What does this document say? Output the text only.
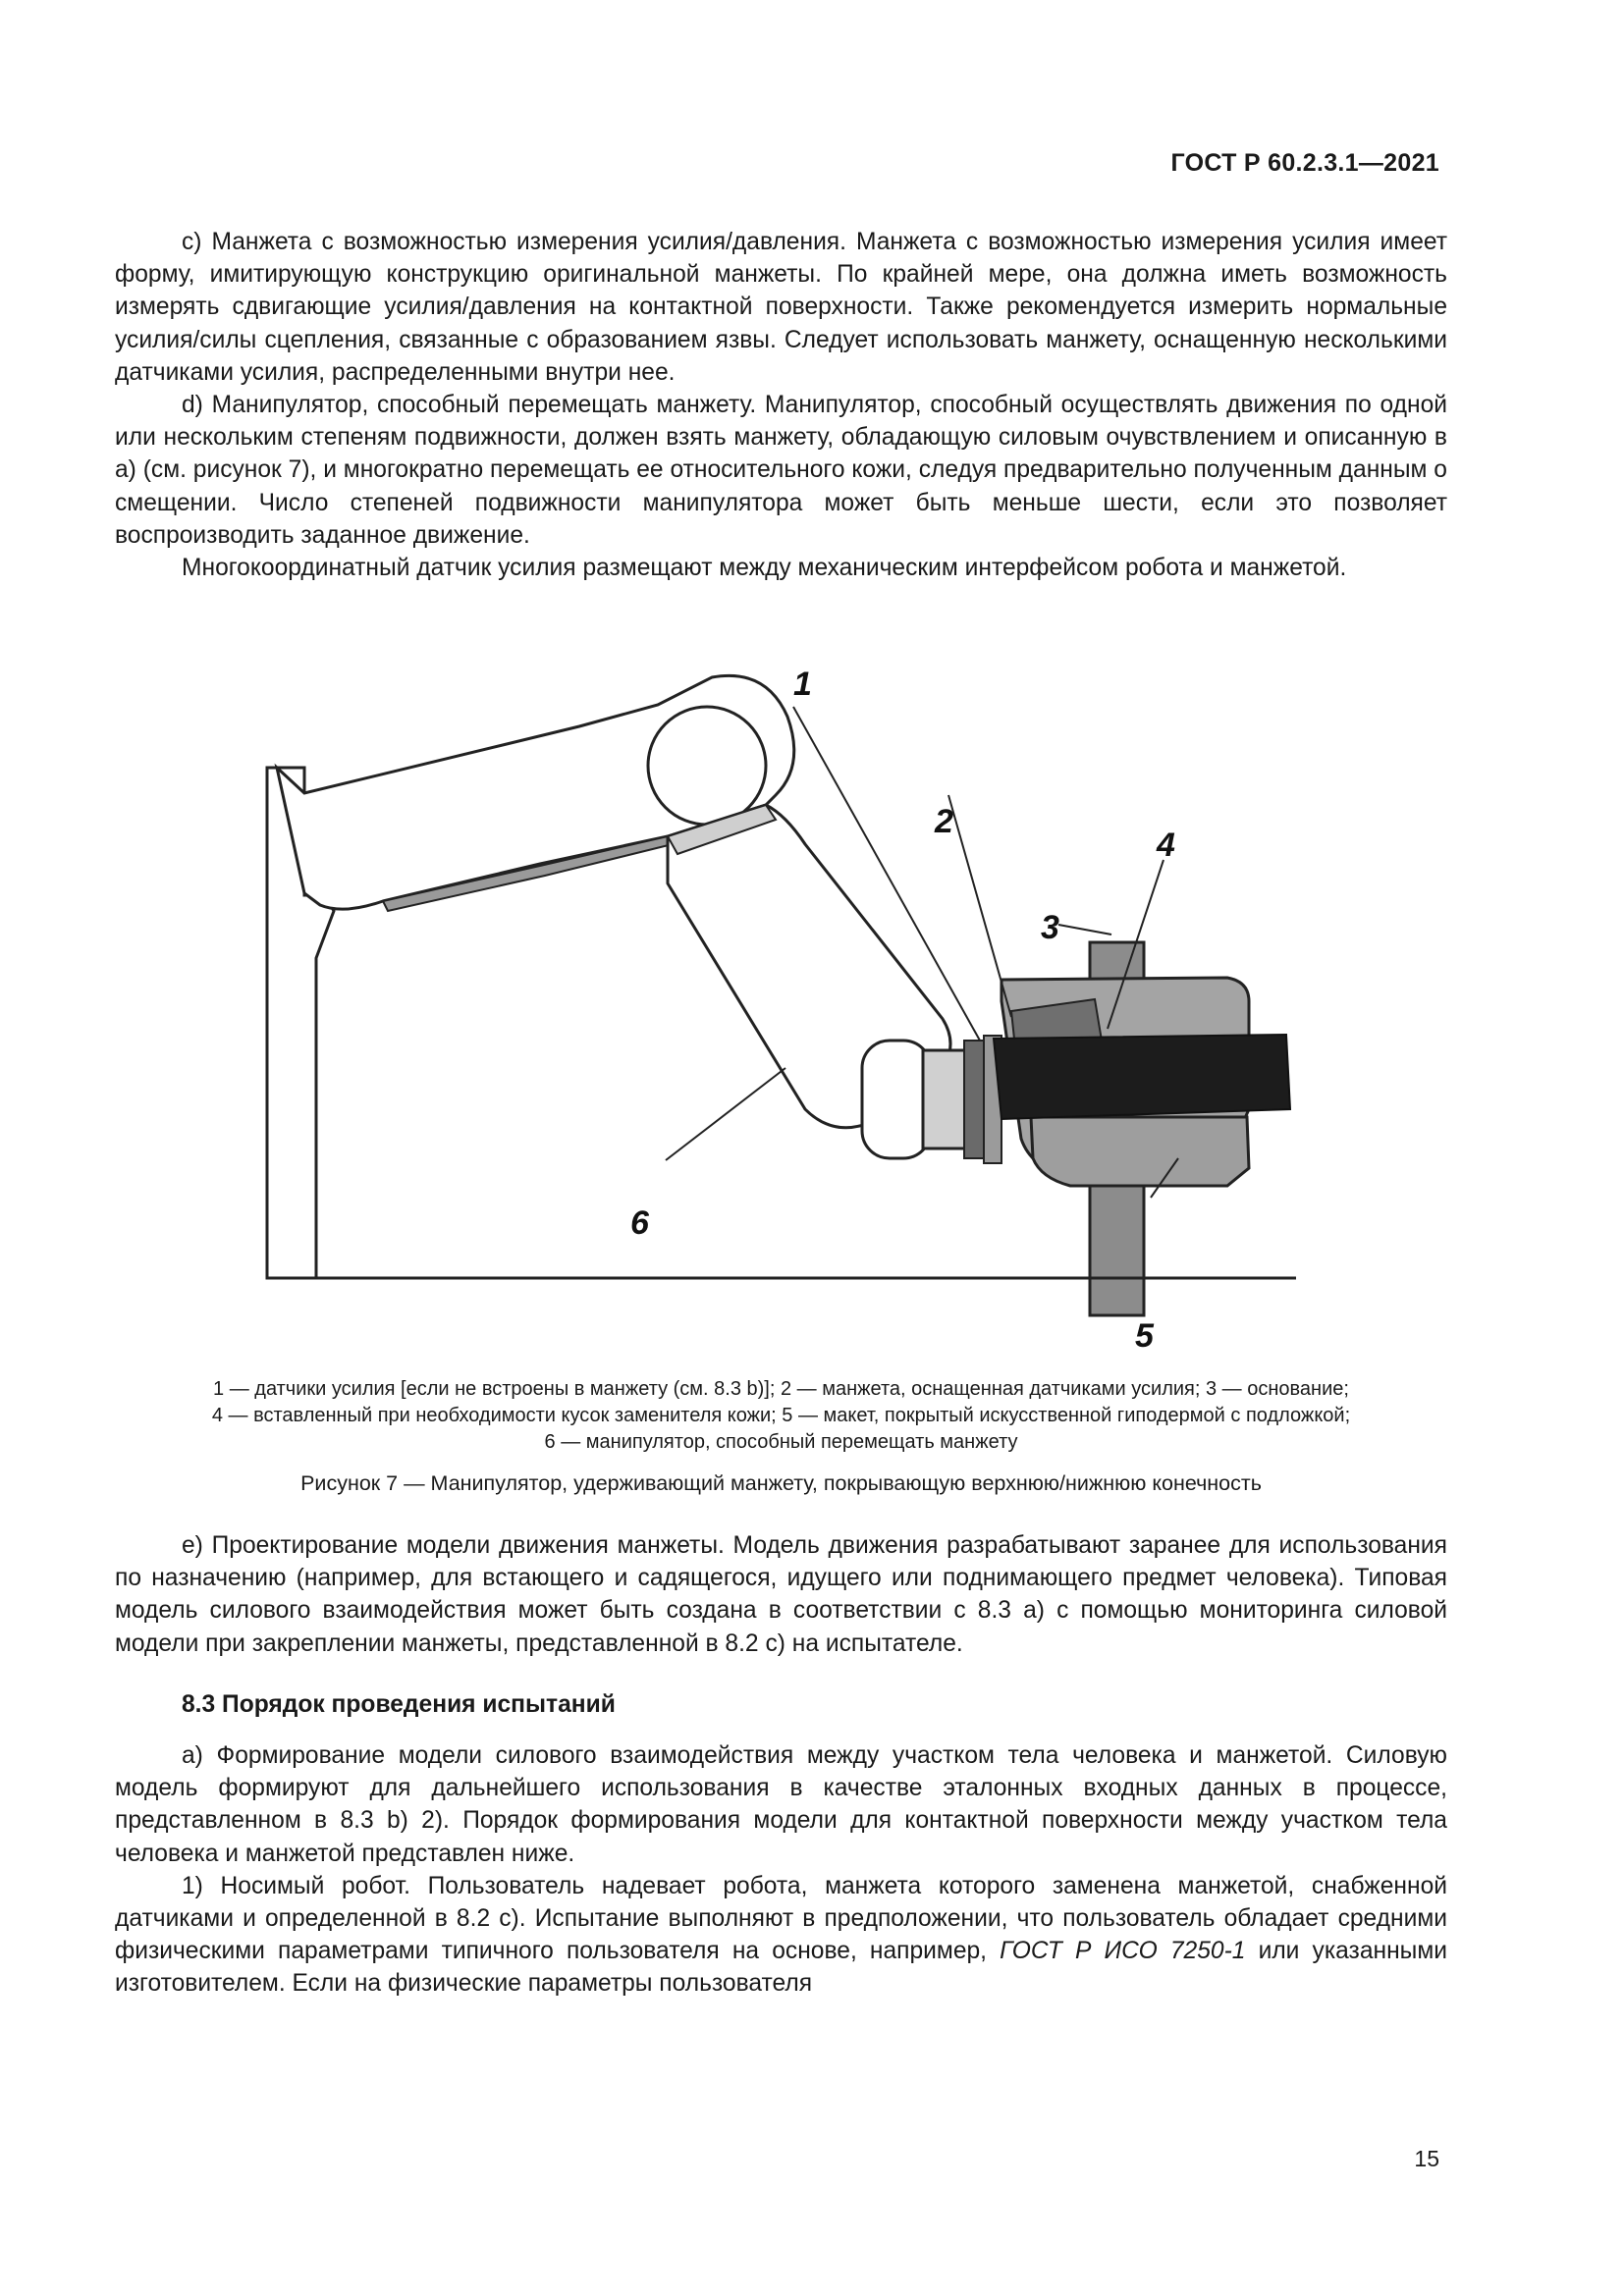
ГОСТ Р 60.2.3.1—2021

c) Манжета с возможностью измерения усилия/давления. Манжета с возможностью измерения усилия имеет форму, имитирующую конструкцию оригинальной манжеты. По крайней мере, она должна иметь возможность измерять сдвигающие усилия/давления на контактной поверхности. Также рекомендуется измерить нормальные усилия/силы сцепления, связанные с образованием язвы. Следует использовать манжету, оснащенную несколькими датчиками усилия, распределенными внутри нее.

d) Манипулятор, способный перемещать манжету. Манипулятор, способный осуществлять движения по одной или нескольким степеням подвижности, должен взять манжету, обладающую силовым очувствлением и описанную в a) (см. рисунок 7), и многократно перемещать ее относительного кожи, следуя предварительно полученным данным о смещении. Число степеней подвижности манипулятора может быть меньше шести, если это позволяет воспроизводить заданное движение.

Многокоординатный датчик усилия размещают между механическим интерфейсом робота и манжетой.

1
2
3
4
5
6
1 — датчики усилия [если не встроены в манжету (см. 8.3 b)]; 2 — манжета, оснащенная датчиками усилия; 3 — основание;
4 — вставленный при необходимости кусок заменителя кожи; 5 — макет, покрытый искусственной гиподермой с подложкой;
6 — манипулятор, способный перемещать манжету
Рисунок 7 — Манипулятор, удерживающий манжету, покрывающую верхнюю/нижнюю конечность

e) Проектирование модели движения манжеты. Модель движения разрабатывают заранее для использования по назначению (например, для встающего и садящегося, идущего или поднимающего предмет человека). Типовая модель силового взаимодействия может быть создана в соответствии с 8.3 a) с помощью мониторинга силовой модели при закреплении манжеты, представленной в 8.2 c) на испытателе.

8.3 Порядок проведения испытаний

a) Формирование модели силового взаимодействия между участком тела человека и манжетой. Силовую модель формируют для дальнейшего использования в качестве эталонных входных данных в процессе, представленном в 8.3 b) 2). Порядок формирования модели для контактной поверхности между участком тела человека и манжетой представлен ниже.

1) Носимый робот. Пользователь надевает робота, манжета которого заменена манжетой, снабженной датчиками и определенной в 8.2 c). Испытание выполняют в предположении, что пользователь обладает средними физическими параметрами типичного пользователя на основе, например, ГОСТ Р ИСО 7250-1 или указанными изготовителем. Если на физические параметры пользователя

15
